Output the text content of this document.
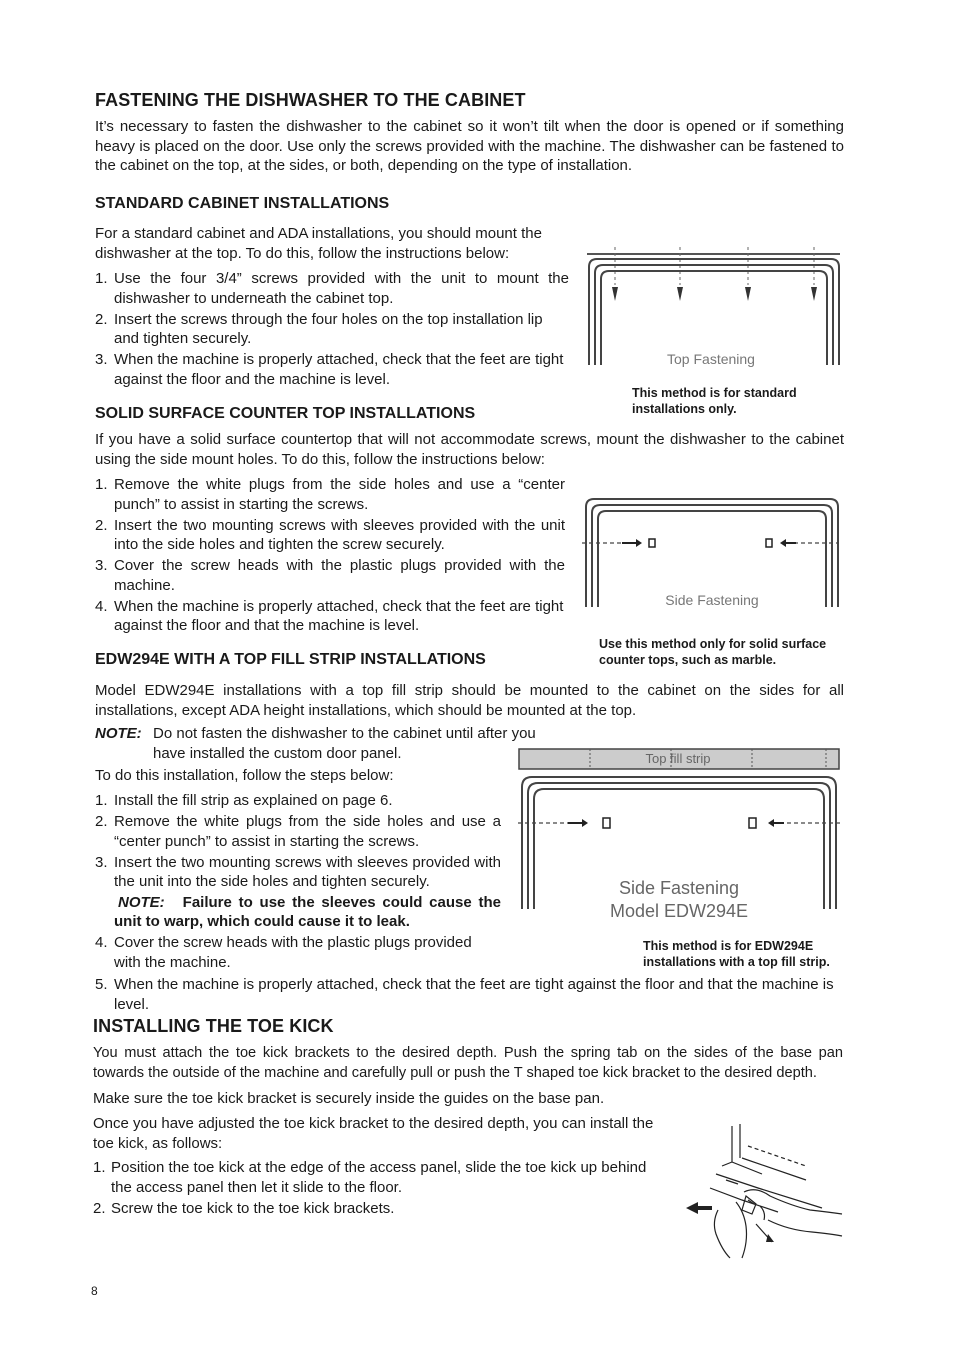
FASTENING THE DISHWASHER TO THE CABINET

It’s necessary to fasten the dishwasher to the cabinet so it won’t tilt when the door is opened or if something heavy is placed on the door. Use only the screws provided with the machine. The dishwasher can be fastened to the cabinet on the top, at the sides, or both, depending on the type of installation.

STANDARD CABINET INSTALLATIONS

For a standard cabinet and ADA installations, you should mount the dishwasher at the top. To do this, follow the instructions below:

1. Use the four 3/4” screws provided with the unit to mount the dishwasher to underneath the cabinet top.
2. Insert the screws through the four holes on the top installation lip and tighten securely.
3. When the machine is properly attached, check that the feet are tight against the floor and the machine is level.
Top Fastening
This method is for standard installations only.
SOLID SURFACE COUNTER TOP INSTALLATIONS

If you have a solid surface countertop that will not accommodate screws, mount the dishwasher to the cabinet using the side mount holes. To do this, follow the instructions below:

1. Remove the white plugs from the side holes and use a “center punch” to assist in starting the screws.
2. Insert the two mounting screws with sleeves provided with the unit into the side holes and tighten the screw securely.
3. Cover the screw heads with the plastic plugs provided with the machine.
4. When the machine is properly attached, check that the feet are tight against the floor and that the machine is level.
Side Fastening
Use this method only for solid surface counter tops, such as marble.
EDW294E WITH A TOP FILL STRIP INSTALLATIONS

Model EDW294E installations with a top fill strip should be mounted to the cabinet on the sides for all installations, except ADA height installations, which should be mounted at the top.

NOTE: Do not fasten the dishwasher to the cabinet until after you have installed the custom door panel.

To do this installation, follow the steps below:

1. Install the fill strip as explained on page 6.
2. Remove the white plugs from the side holes and use a “center punch” to assist in starting the screws.
3. Insert the two mounting screws with sleeves provided with the unit into the side holes and tighten securely.
NOTE: Failure to use the sleeves could cause the unit to warp, which could cause it to leak.
4. Cover the screw heads with the plastic plugs provided with the machine.
5. When the machine is properly attached, check that the feet are tight against the floor and that the machine is level.
Top fill strip
Side Fastening
Model EDW294E
This method is for EDW294E installations with a top fill strip.
INSTALLING THE TOE KICK

You must attach the toe kick brackets to the desired depth. Push the spring tab on the sides of the base pan towards the outside of the machine and carefully pull or push the T shaped toe kick bracket to the desired depth.

Make sure the toe kick bracket is securely inside the guides on the base pan.

Once you have adjusted the toe kick bracket to the desired depth, you can install the toe kick, as follows:

1. Position the toe kick at the edge of the access panel, slide the toe kick up behind the access panel then let it slide to the floor.
2. Screw the toe kick to the toe kick brackets.
8
